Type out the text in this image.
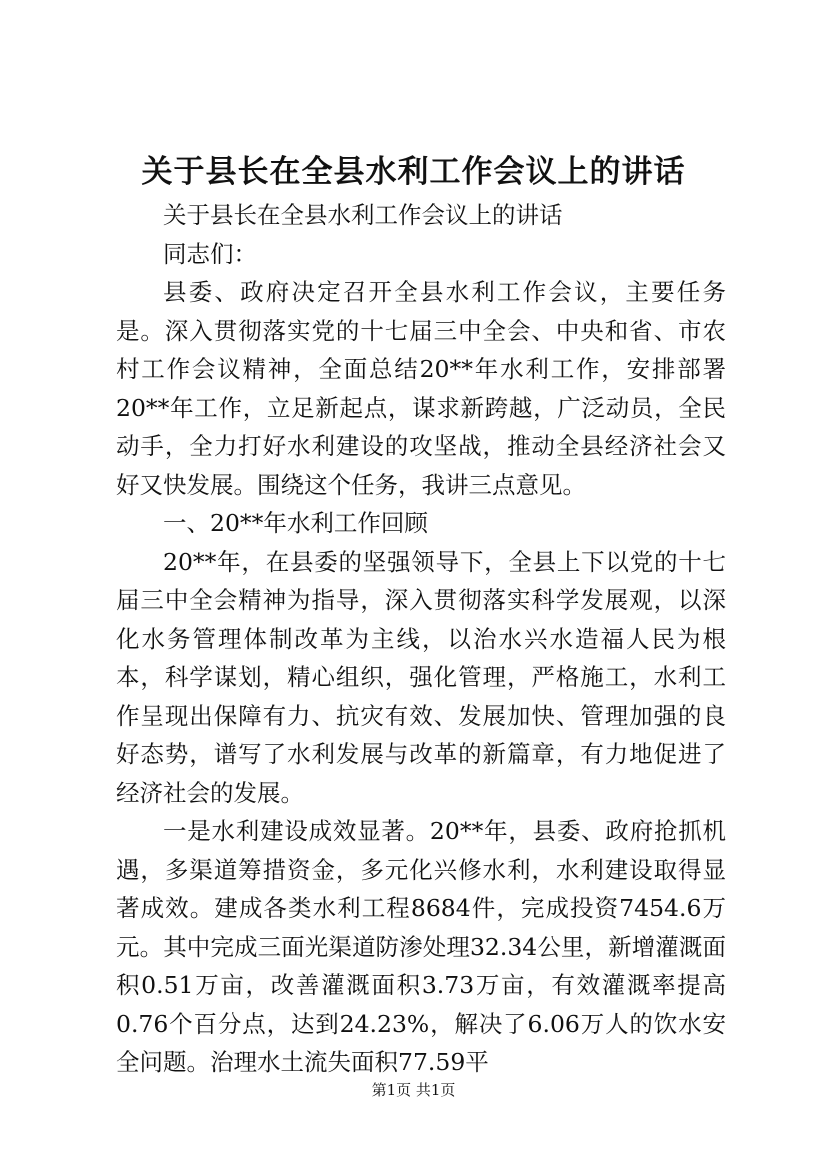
关于县长在全县水利工作会议上的讲话

关于县长在全县水利工作会议上的讲话

同志们：

县委、政府决定召开全县水利工作会议，主要任务是。深入贯彻落实党的十七届三中全会、中央和省、市农村工作会议精神，全面总结20**年水利工作，安排部署20**年工作，立足新起点，谋求新跨越，广泛动员，全民动手，全力打好水利建设的攻坚战，推动全县经济社会又好又快发展。围绕这个任务，我讲三点意见。

一、20**年水利工作回顾

20**年，在县委的坚强领导下，全县上下以党的十七届三中全会精神为指导，深入贯彻落实科学发展观，以深化水务管理体制改革为主线，以治水兴水造福人民为根本，科学谋划，精心组织，强化管理，严格施工，水利工作呈现出保障有力、抗灾有效、发展加快、管理加强的良好态势，谱写了水利发展与改革的新篇章，有力地促进了经济社会的发展。

一是水利建设成效显著。20**年，县委、政府抢抓机遇，多渠道筹措资金，多元化兴修水利，水利建设取得显著成效。建成各类水利工程8684件，完成投资7454.6万元。其中完成三面光渠道防渗处理32.34公里，新增灌溉面积0.51万亩，改善灌溉面积3.73万亩，有效灌溉率提高0.76个百分点，达到24.23%，解决了6.06万人的饮水安全问题。治理水土流失面积77.59平

第1页 共1页
